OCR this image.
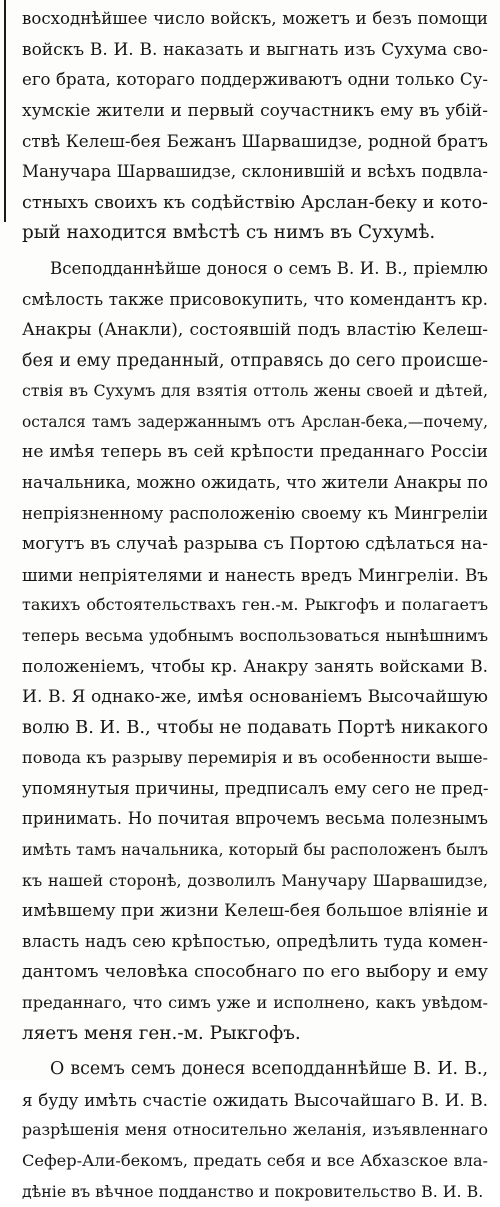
восходнѣйшее число войскъ, можетъ и безъ помощи
войскъ В. И. В. наказать и выгнать изъ Сухума сво-
его брата, котораго поддерживаютъ одни только Су-
хумскіе жители и первый соучастникъ ему въ убій-
ствѣ Келеш-бея Бежанъ Шарвашидзе, родной братъ
Манучара Шарвашидзе, склонившій и всѣхъ подвла-
стныхъ своихъ къ содѣйствію Арслан-беку и кото-
рый находится вмѣстѣ съ нимъ въ Сухумѣ.
Всеподданнѣйше донося о семъ В. И. В., пріемлю
смѣлость также присовокупить, что комендантъ кр.
Анакры (Анакли), состоявшій подъ властію Келеш-
бея и ему преданный, отправясь до сего происше-
ствія въ Сухумъ для взятія оттоль жены своей и дѣтей,
остался тамъ задержаннымъ отъ Арслан-бека,—почему,
не имѣя теперь въ сей крѣпости преданнаго Россіи
начальника, можно ожидать, что жители Анакры по
непріязненному расположенію своему къ Мингреліи
могутъ въ случаѣ разрыва съ Портою сдѣлаться на-
шими непріятелями и нанесть вредъ Мингреліи. Въ
такихъ обстоятельствахъ ген.-м. Рыкгофъ и полагаетъ
теперь весьма удобнымъ воспользоваться нынѣшнимъ
положеніемъ, чтобы кр. Анакру занять войсками В.
И. В. Я однако-же, имѣя основаніемъ Высочайшую
волю В. И. В., чтобы не подавать Портѣ никакого
повода къ разрыву перемирія и въ особенности выше-
упомянутыя причины, предписалъ ему сего не пред-
принимать. Но почитая впрочемъ весьма полезнымъ
имѣть тамъ начальника, который бы расположенъ былъ
къ нашей сторонѣ, дозволилъ Манучару Шарвашидзе,
имѣвшему при жизни Келеш-бея большое вліяніе и
власть надъ сею крѣпостью, опредѣлить туда комен-
дантомъ человѣка способнаго по его выбору и ему
преданнаго, что симъ уже и исполнено, какъ увѣдом-
ляетъ меня ген.-м. Рыкгофъ.
О всемъ семъ донеся всеподданнѣйше В. И. В.,
я буду имѣть счастіе ожидать Высочайшаго В. И. В.
разрѣшенія меня относительно желанія, изъявленнаго
Сефер-Али-бекомъ, предать себя и все Абхазское вла-
дѣніе въ вѣчное подданство и покровительство В. И. В.
